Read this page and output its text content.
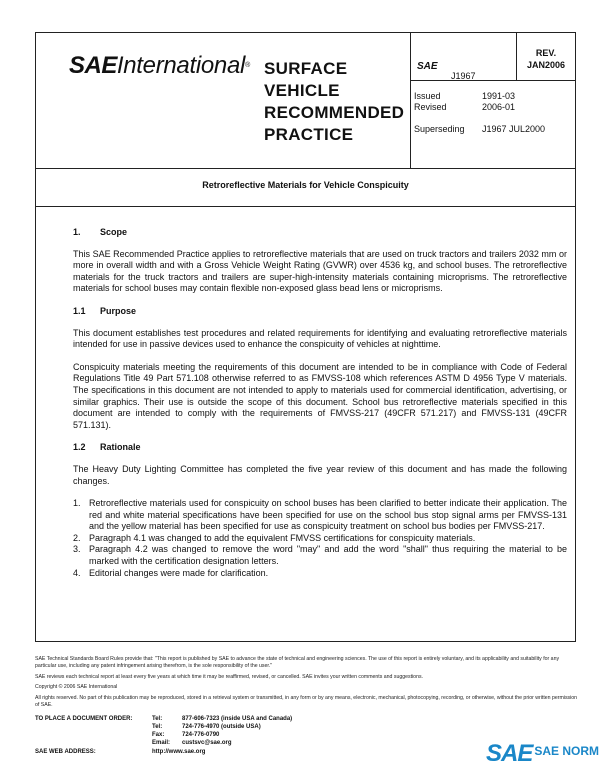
SAEInternational® SURFACE
VEHICLE
RECOMMENDED
PRACTICE
SAE
J1967
REV.
JAN2006
Issued	1991-03
Revised	2006-01
Superseding J1967 JUL2000
Retroreflective Materials for Vehicle Conspicuity
1. Scope

This SAE Recommended Practice applies to retroreflective materials that are used on truck tractors and trailers 2032 mm or more in overall width and with a Gross Vehicle Weight Rating (GVWR) over 4536 kg, and school buses. The retroreflective materials for the truck tractors and trailers are super-high-intensity materials containing microprisms. The retroreflective materials for school buses may contain flexible non-exposed glass bead lens or microprisms.

1.1 Purpose

This document establishes test procedures and related requirements for identifying and evaluating retroreflective materials intended for use in passive devices used to enhance the conspicuity of vehicles at nighttime.

Conspicuity materials meeting the requirements of this document are intended to be in compliance with Code of Federal Regulations Title 49 Part 571.108 otherwise referred to as FMVSS-108 which references ASTM D 4956 Type V materials. The specifications in this document are not intended to apply to materials used for commercial identification, advertising, or similar graphics. Their use is outside the scope of this document. School bus retroreflective materials specified in this document are intended to comply with the requirements of FMVSS-217 (49CFR 571.217) and FMVSS-131 (49CFR 571.131).

1.2 Rationale

The Heavy Duty Lighting Committee has completed the five year review of this document and has made the following changes.

1. Retroreflective materials used for conspicuity on school buses has been clarified to better indicate their application. The red and white material specifications have been specified for use on the school bus stop signal arms per FMVSS-131 and the yellow material has been specified for use as conspicuity treatment on school bus bodies per FMVSS-217.
2. Paragraph 4.1 was changed to add the equivalent FMVSS certifications for conspicuity materials.
3. Paragraph 4.2 was changed to remove the word "may" and add the word "shall" thus requiring the material to be marked with the certification designation letters.
4. Editorial changes were made for clarification.
SAE Technical Standards Board Rules provide that: "This report is published by SAE to advance the state of technical and engineering sciences. The use of this report is entirely voluntary, and its applicability and suitability for any particular use, including any patent infringement arising therefrom, is the sole responsibility of the user."
SAE reviews each technical report at least every five years at which time it may be reaffirmed, revised, or cancelled. SAE invites your written comments and suggestions.
Copyright © 2006 SAE International
All rights reserved. No part of this publication may be reproduced, stored in a retrieval system or transmitted, in any form or by any means, electronic, mechanical, photocopying, recording, or otherwise, without the prior written permission of SAE.
TO PLACE A DOCUMENT ORDER:	Tel:	877-606-7323 (inside USA and Canada)
Tel:	724-776-4970 (outside USA)
Fax:	724-776-0790
Email: custsvc@sae.org
SAE WEB ADDRESS:	http://www.sae.org	SAE $^{SAE NORM}$
